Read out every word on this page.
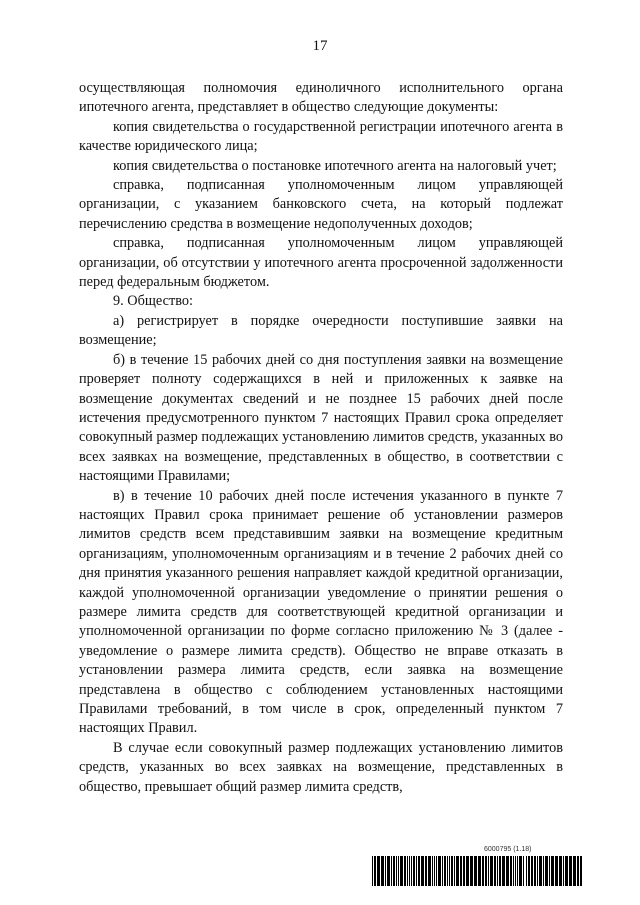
17

осуществляющая полномочия единоличного исполнительного органа ипотечного агента, представляет в общество следующие документы:

копия свидетельства о государственной регистрации ипотечного агента в качестве юридического лица;

копия свидетельства о постановке ипотечного агента на налоговый учет;

справка, подписанная уполномоченным лицом управляющей организации, с указанием банковского счета, на который подлежат перечислению средства в возмещение недополученных доходов;

справка, подписанная уполномоченным лицом управляющей организации, об отсутствии у ипотечного агента просроченной задолженности перед федеральным бюджетом.

9. Общество:

а) регистрирует в порядке очередности поступившие заявки на возмещение;

б) в течение 15 рабочих дней со дня поступления заявки на возмещение проверяет полноту содержащихся в ней и приложенных к заявке на возмещение документах сведений и не позднее 15 рабочих дней после истечения предусмотренного пунктом 7 настоящих Правил срока определяет совокупный размер подлежащих установлению лимитов средств, указанных во всех заявках на возмещение, представленных в общество, в соответствии с настоящими Правилами;

в) в течение 10 рабочих дней после истечения указанного в пункте 7 настоящих Правил срока принимает решение об установлении размеров лимитов средств всем представившим заявки на возмещение кредитным организациям, уполномоченным организациям и в течение 2 рабочих дней со дня принятия указанного решения направляет каждой кредитной организации, каждой уполномоченной организации уведомление о принятии решения о размере лимита средств для соответствующей кредитной организации и уполномоченной организации по форме согласно приложению № 3 (далее - уведомление о размере лимита средств). Общество не вправе отказать в установлении размера лимита средств, если заявка на возмещение представлена в общество с соблюдением установленных настоящими Правилами требований, в том числе в срок, определенный пунктом 7 настоящих Правил.

В случае если совокупный размер подлежащих установлению лимитов средств, указанных во всех заявках на возмещение, представленных в общество, превышает общий размер лимита средств,

6000795 (1.18)
